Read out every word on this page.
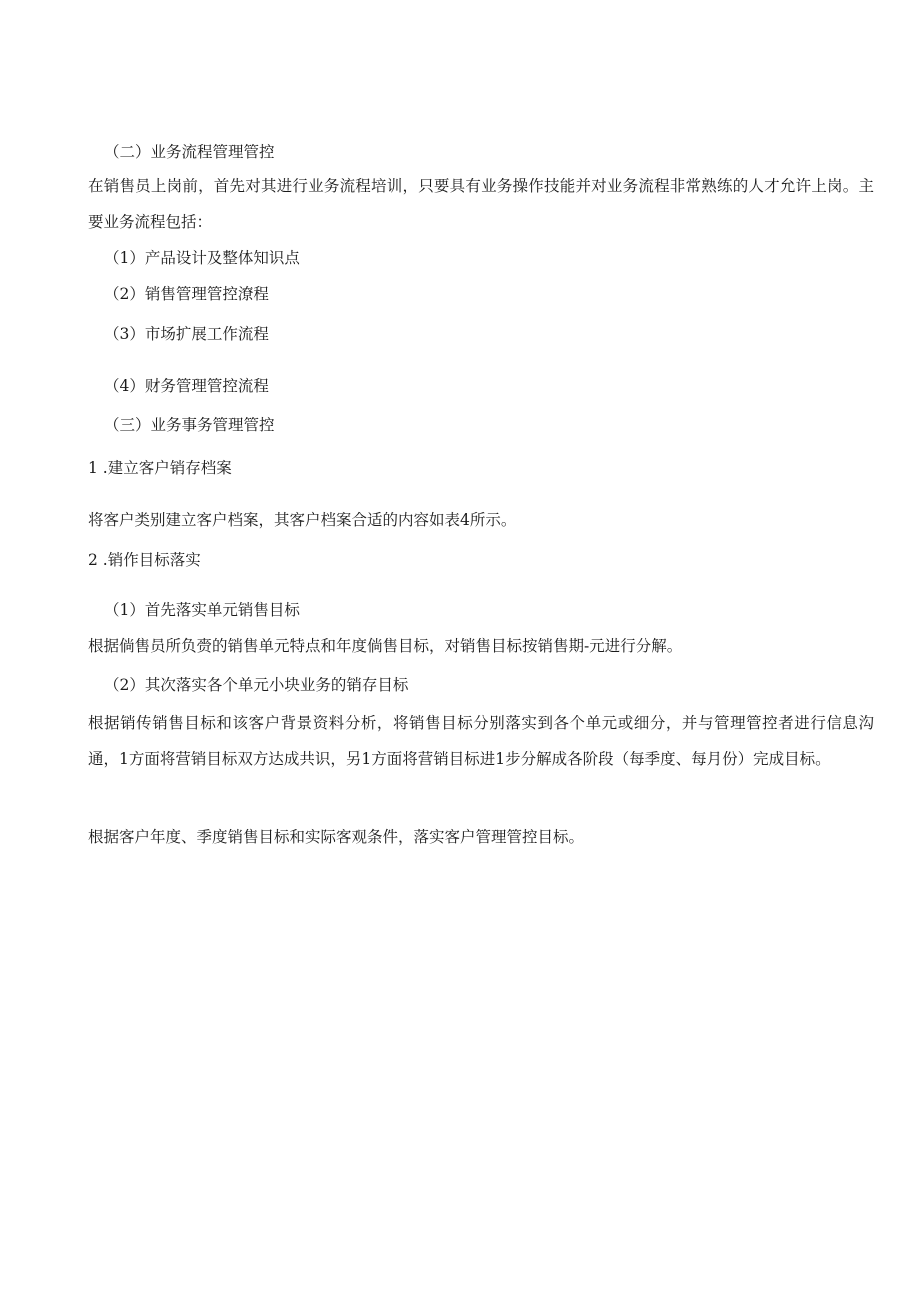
（二）业务流程管理管控
在销售员上岗前，首先对其进行业务流程培训，只要具有业务操作技能并对业务流程非常熟练的人才允许上岗。主要业务流程包括：
（1）产品设计及整体知识点
（2）销售管理管控潦程
（3）市场扩展工作流程
（4）财务管理管控流程
（三）业务事务管理管控
1 .建立客户销存档案
将客户类别建立客户档案，其客户档案合适的内容如表4所示。
2 .销作目标落实
（1）首先落实单元销售目标
根据倘售员所负赍的销售单元特点和年度倘售目标，对销售目标按销售期-元进行分解。
（2）其次落实各个单元小块业务的销存目标
根据销传销售目标和该客户背景资料分析，将销售目标分别落实到各个单元或细分，并与管理管控者进行信息沟通，1方面将营销目标双方达成共识，另1方面将营销目标进1步分解成各阶段（每季度、每月份）完成目标。
根据客户年度、季度销售目标和实际客观条件，落实客户管理管控目标。
